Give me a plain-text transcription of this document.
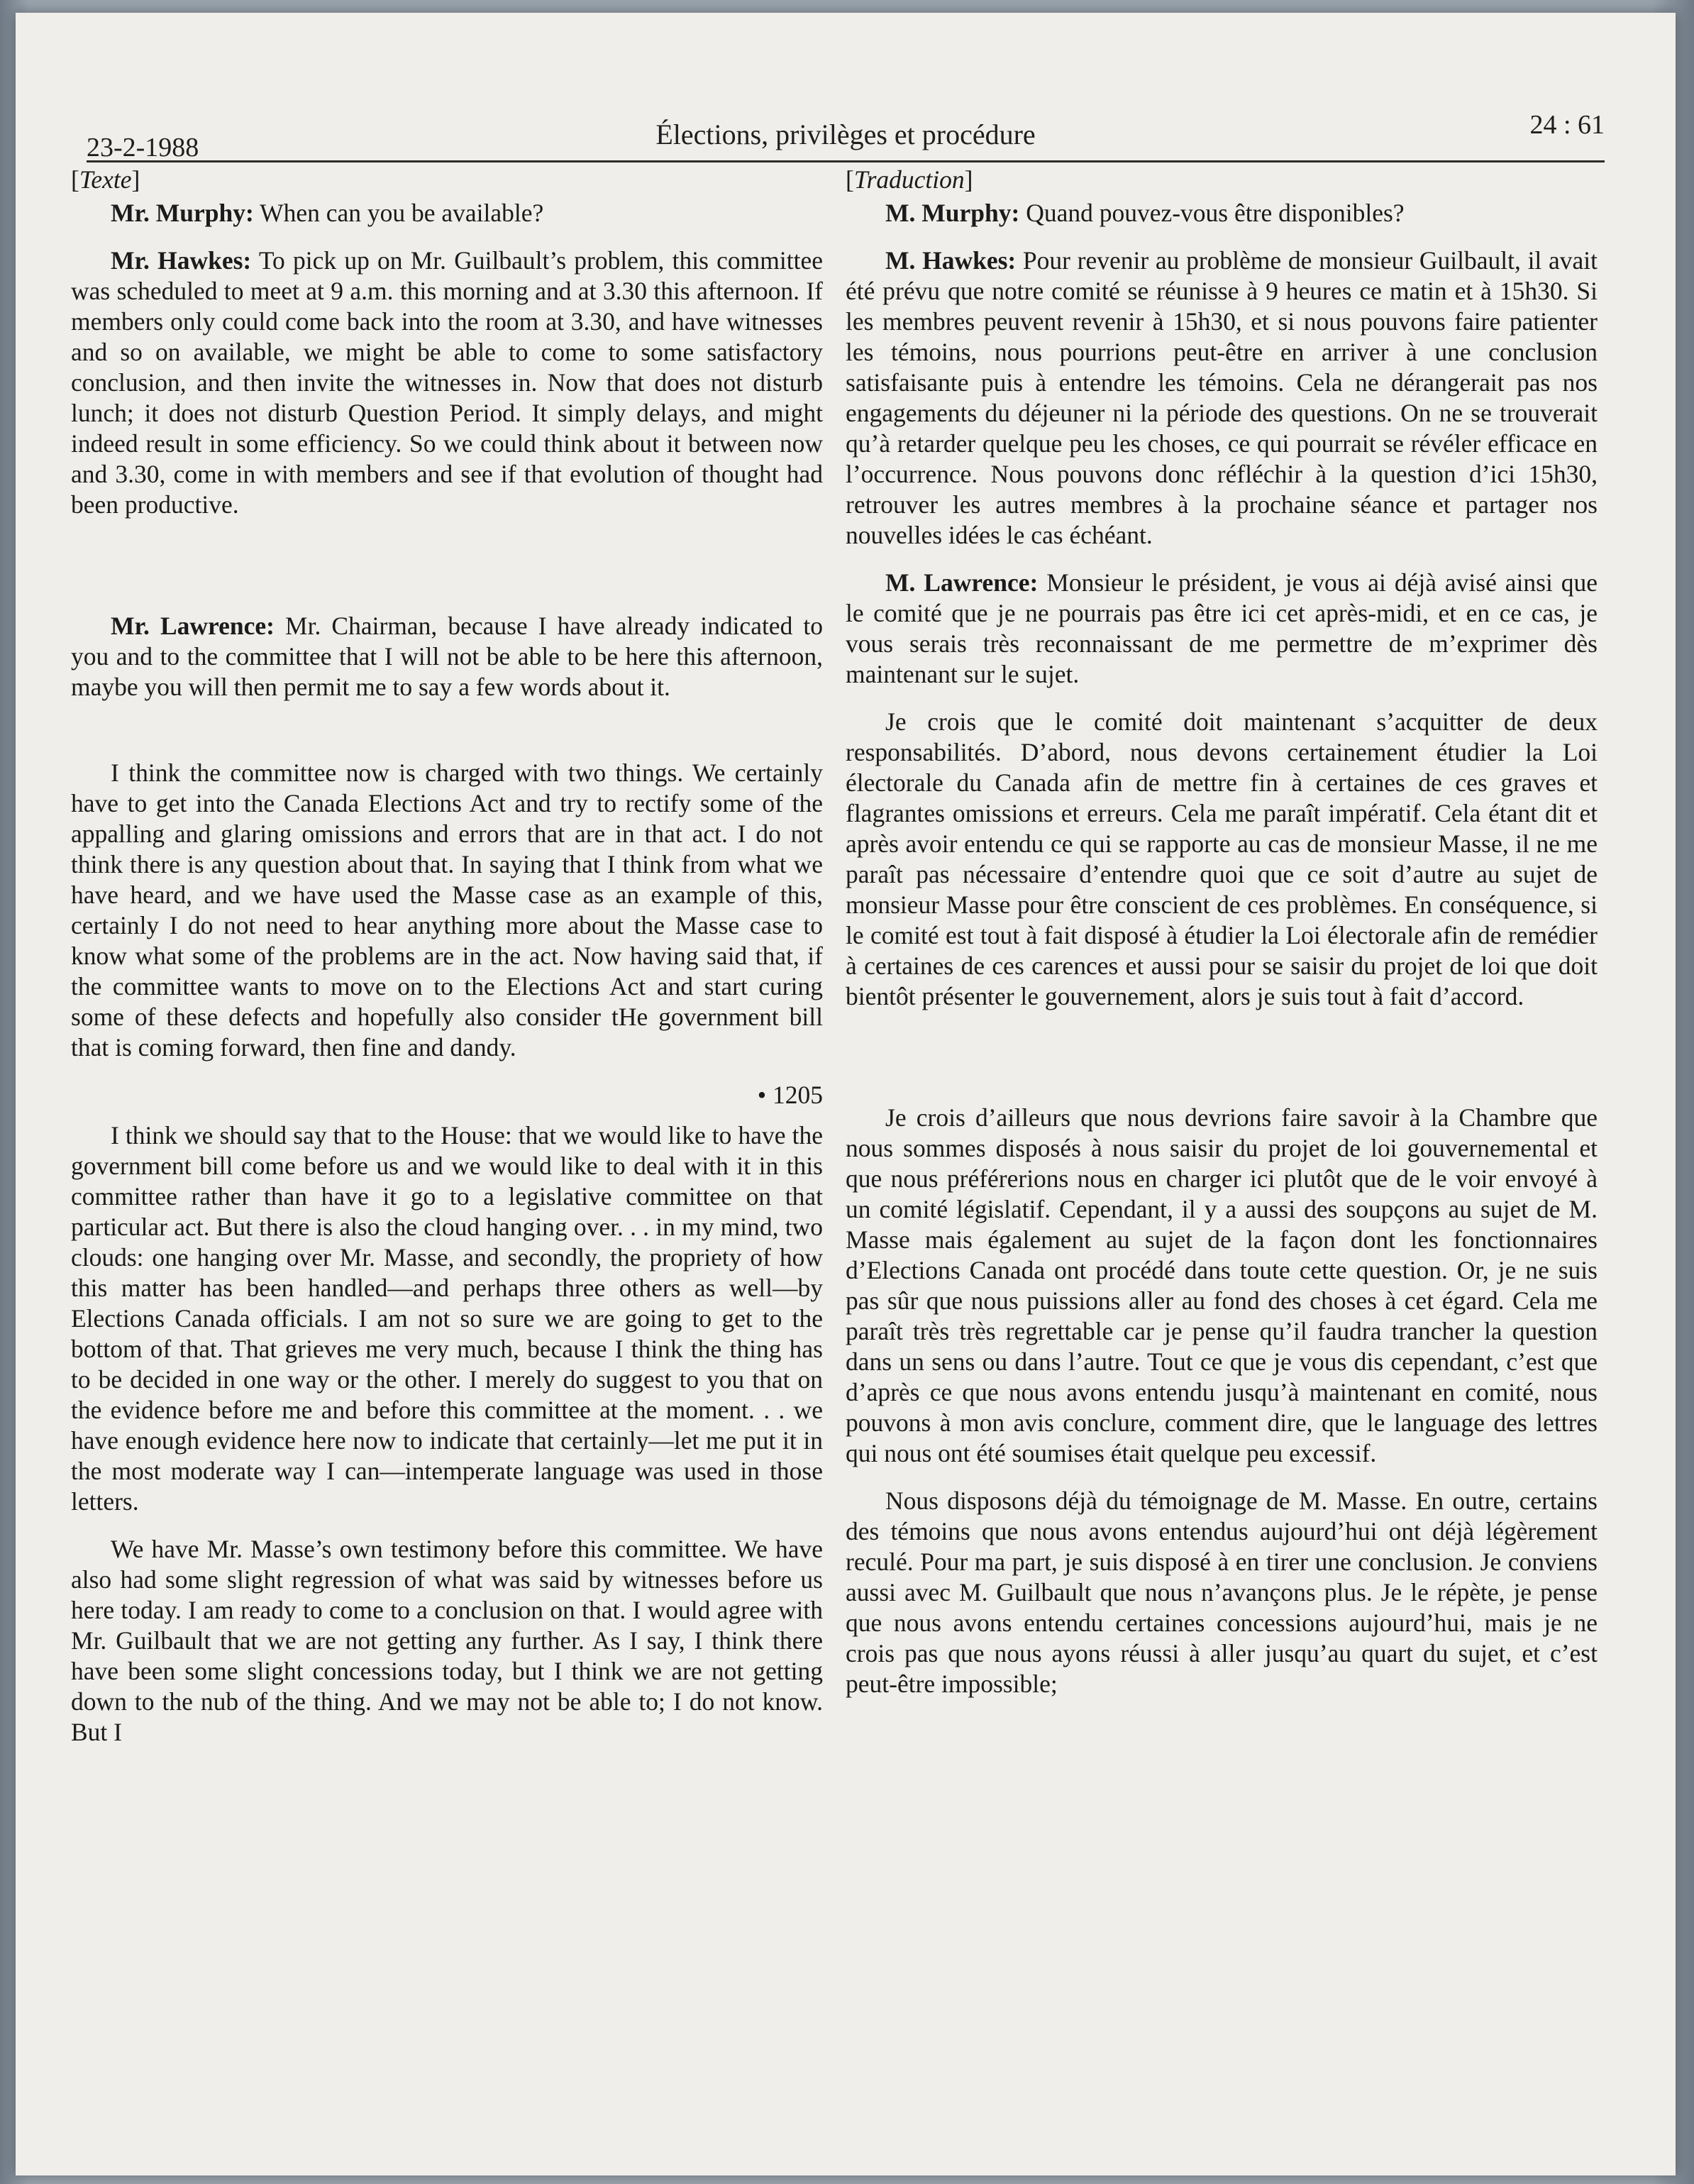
23-2-1988	Élections, privilèges et procédure	24 : 61

[Texte]

Mr. Murphy: When can you be available?

Mr. Hawkes: To pick up on Mr. Guilbault’s problem, this committee was scheduled to meet at 9 a.m. this morning and at 3.30 this afternoon. If members only could come back into the room at 3.30, and have witnesses and so on available, we might be able to come to some satisfactory conclusion, and then invite the witnesses in. Now that does not disturb lunch; it does not disturb Question Period. It simply delays, and might indeed result in some efficiency. So we could think about it between now and 3.30, come in with members and see if that evolution of thought had been productive.

Mr. Lawrence: Mr. Chairman, because I have already indicated to you and to the committee that I will not be able to be here this afternoon, maybe you will then permit me to say a few words about it.

I think the committee now is charged with two things. We certainly have to get into the Canada Elections Act and try to rectify some of the appalling and glaring omissions and errors that are in that act. I do not think there is any question about that. In saying that I think from what we have heard, and we have used the Masse case as an example of this, certainly I do not need to hear anything more about the Masse case to know what some of the problems are in the act. Now having said that, if the committee wants to move on to the Elections Act and start curing some of these defects and hopefully also consider tHe government bill that is coming forward, then fine and dandy.

• 1205

I think we should say that to the House: that we would like to have the government bill come before us and we would like to deal with it in this committee rather than have it go to a legislative committee on that particular act. But there is also the cloud hanging over. . . in my mind, two clouds: one hanging over Mr. Masse, and secondly, the propriety of how this matter has been handled—and perhaps three others as well—by Elections Canada officials. I am not so sure we are going to get to the bottom of that. That grieves me very much, because I think the thing has to be decided in one way or the other. I merely do suggest to you that on the evidence before me and before this committee at the moment. . . we have enough evidence here now to indicate that certainly—let me put it in the most moderate way I can—intemperate language was used in those letters.

We have Mr. Masse’s own testimony before this committee. We have also had some slight regression of what was said by witnesses before us here today. I am ready to come to a conclusion on that. I would agree with Mr. Guilbault that we are not getting any further. As I say, I think there have been some slight concessions today, but I think we are not getting down to the nub of the thing. And we may not be able to; I do not know. But I

[Traduction]

M. Murphy: Quand pouvez-vous être disponibles?

M. Hawkes: Pour revenir au problème de monsieur Guilbault, il avait été prévu que notre comité se réunisse à 9 heures ce matin et à 15h30. Si les membres peuvent revenir à 15h30, et si nous pouvons faire patienter les témoins, nous pourrions peut-être en arriver à une conclusion satisfaisante puis à entendre les témoins. Cela ne dérangerait pas nos engagements du déjeuner ni la période des questions. On ne se trouverait qu’à retarder quelque peu les choses, ce qui pourrait se révéler efficace en l’occurrence. Nous pouvons donc réfléchir à la question d’ici 15h30, retrouver les autres membres à la prochaine séance et partager nos nouvelles idées le cas échéant.

M. Lawrence: Monsieur le président, je vous ai déjà avisé ainsi que le comité que je ne pourrais pas être ici cet après-midi, et en ce cas, je vous serais très reconnaissant de me permettre de m’exprimer dès maintenant sur le sujet.

Je crois que le comité doit maintenant s’acquitter de deux responsabilités. D’abord, nous devons certainement étudier la Loi électorale du Canada afin de mettre fin à certaines de ces graves et flagrantes omissions et erreurs. Cela me paraît impératif. Cela étant dit et après avoir entendu ce qui se rapporte au cas de monsieur Masse, il ne me paraît pas nécessaire d’entendre quoi que ce soit d’autre au sujet de monsieur Masse pour être conscient de ces problèmes. En conséquence, si le comité est tout à fait disposé à étudier la Loi électorale afin de remédier à certaines de ces carences et aussi pour se saisir du projet de loi que doit bientôt présenter le gouvernement, alors je suis tout à fait d’accord.

Je crois d’ailleurs que nous devrions faire savoir à la Chambre que nous sommes disposés à nous saisir du projet de loi gouvernemental et que nous préférerions nous en charger ici plutôt que de le voir envoyé à un comité législatif. Cependant, il y a aussi des soupçons au sujet de M. Masse mais également au sujet de la façon dont les fonctionnaires d’Elections Canada ont procédé dans toute cette question. Or, je ne suis pas sûr que nous puissions aller au fond des choses à cet égard. Cela me paraît très très regrettable car je pense qu’il faudra trancher la question dans un sens ou dans l’autre. Tout ce que je vous dis cependant, c’est que d’après ce que nous avons entendu jusqu’à maintenant en comité, nous pouvons à mon avis conclure, comment dire, que le language des lettres qui nous ont été soumises était quelque peu excessif.

Nous disposons déjà du témoignage de M. Masse. En outre, certains des témoins que nous avons entendus aujourd’hui ont déjà légèrement reculé. Pour ma part, je suis disposé à en tirer une conclusion. Je conviens aussi avec M. Guilbault que nous n’avançons plus. Je le répète, je pense que nous avons entendu certaines concessions aujourd’hui, mais je ne crois pas que nous ayons réussi à aller jusqu’au quart du sujet, et c’est peut-être impossible;
